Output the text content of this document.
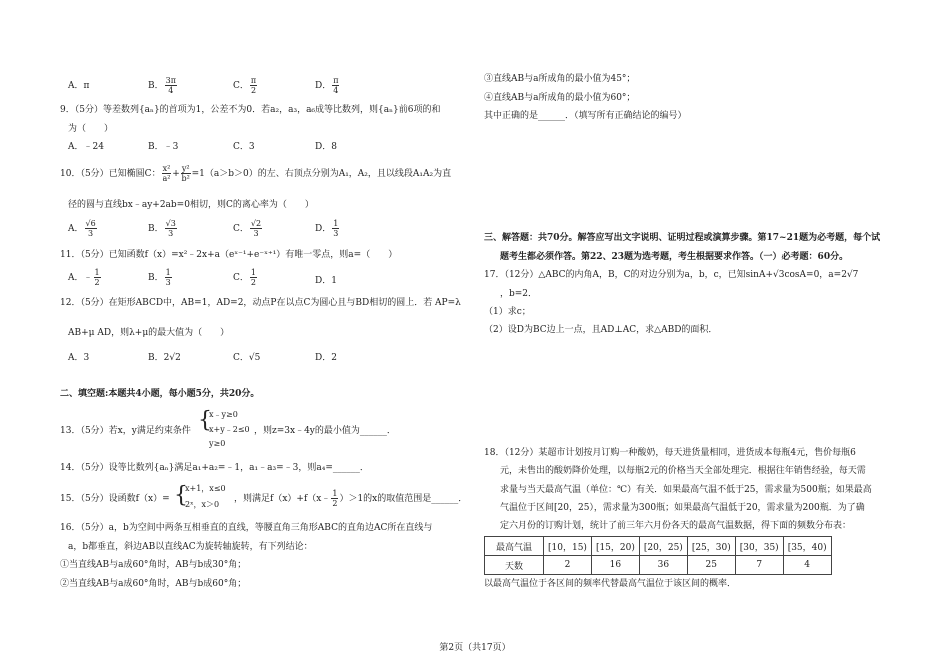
A．π	B． $\frac{3\pi}{4}$	C． $\frac{\pi}{2}$	D． $\frac{\pi}{4}$
9．（5分）等差数列{aₙ}的首项为1，公差不为0．若a₂，a₃，a₆成等比数列，则{aₙ}前6项的和
为（　　）
A．﹣24	B．﹣3	C．3	D．8
10．（5分）已知椭圆C： $\frac{\text{x²}}{\text{a²}} + \frac{\text{y²}}{\text{b²}} =1(a>b>0)$的左、右顶点分别为A₁，A₂，且以线段A₁A₂为直
径的圆与直线bx﹣ay+2ab=0相切，则C的离心率为（　　）
A． $\frac{√6}{3}$	B． $\frac{√3}{3}$	C． $\frac{√2}{3}$	D． $\frac{1}{3}$
11．（5分）已知函数f（x）=x²﹣2x+a（eˣ⁻¹+e⁻ˣ⁺¹）有唯一零点，则a=（　　）
A．﹣ $\frac{1}{2}$	B． $\frac{1}{3}$	C． $\frac{1}{2}$	D．1
12．（5分）在矩形ABCD中，AB=1，AD=2，动点P在以点C为圆心且与BD相切的圆上．若 AP=λ
AB+μ AD，则λ+μ的最大值为（　　）
A．3	B．2√2	C．√5	D．2
二、填空题:本题共4小题，每小题5分，共20分。
13．（5分）若x，y满足约束条件 {
x﹣y≥0
x+y﹣2≤0
y≥0
，则z=3x﹣4y的最小值为______．
14．（5分）设等比数列{aₙ}满足a₁+a₂=﹣1，a₁﹣a₃=﹣3，则a₄=______．
15．（5分）设函数f（x）= {
x+1，x≤0
2ˣ，x＞0
，则满足f（x）+f（x﹣ $\frac{1}{2} )>1$的x的取值范围是______．
16．（5分）a，b为空间中两条互相垂直的直线，等腰直角三角形ABC的直角边AC所在直线与
a，b都垂直，斜边AB以直线AC为旋转轴旋转，有下列结论：
①当直线AB与a成60°角时，AB与b成30°角；
②当直线AB与a成60°角时，AB与b成60°角；
③直线AB与a所成角的最小值为45°；
④直线AB与a所成角的最小值为60°；
其中正确的是______．（填写所有正确结论的编号）
三、解答题：共70分。解答应写出文字说明、证明过程或演算步骤。第17~21题为必考题，每个试
题考生都必须作答。第22、23题为选考题，考生根据要求作答。（一）必考题：60分。
17．（12分）△ABC的内角A，B，C的对边分别为a，b，c，已知sinA+√3cosA=0，a=2√7
，b=2．
（1）求c；
（2）设D为BC边上一点，且AD⊥AC，求△ABD的面积．
18．（12分）某超市计划按月订购一种酸奶，每天进货量相同，进货成本每瓶4元，售价每瓶6
元，未售出的酸奶降价处理，以每瓶2元的价格当天全部处理完．根据往年销售经验，每天需
求量与当天最高气温（单位：℃）有关．如果最高气温不低于25，需求量为500瓶；如果最高
气温位于区间[20，25），需求量为300瓶；如果最高气温低于20，需求量为200瓶．为了确
定六月份的订购计划，统计了前三年六月份各天的最高气温数据，得下面的频数分布表：
最高气温	[10，15)	[15，20)	[20，25)	[25，30)	[30，35)	[35，40)
天数	2	16	36	25	7	4
以最高气温位于各区间的频率代替最高气温位于该区间的概率．
第2页（共17页）
